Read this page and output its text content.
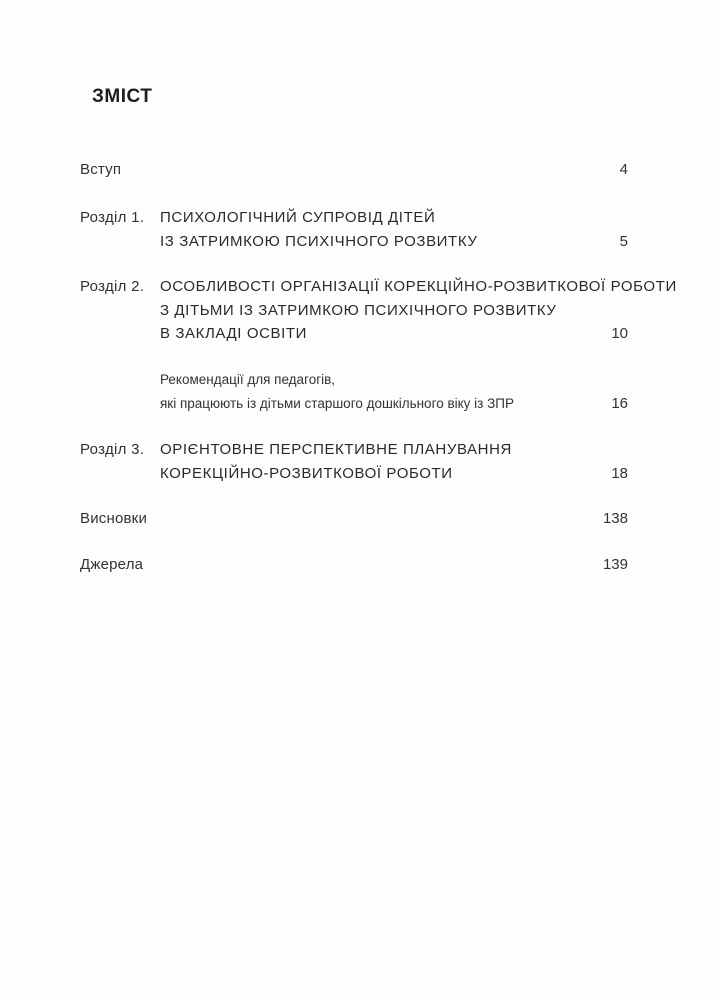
ЗМІСТ
Вступ	4
Розділ 1. ПСИХОЛОГІЧНИЙ СУПРОВІД ДІТЕЙ
ІЗ ЗАТРИМКОЮ ПСИХІЧНОГО РОЗВИТКУ	5
Розділ 2. ОСОБЛИВОСТІ ОРГАНІЗАЦІЇ КОРЕКЦІЙНО-РОЗВИТКОВОЇ РОБОТИ
З ДІТЬМИ ІЗ ЗАТРИМКОЮ ПСИХІЧНОГО РОЗВИТКУ
В ЗАКЛАДІ ОСВІТИ	10
Рекомендації для педагогів,
які працюють із дітьми старшого дошкільного віку із ЗПР	16
Розділ 3. ОРІЄНТОВНЕ ПЕРСПЕКТИВНЕ ПЛАНУВАННЯ
КОРЕКЦІЙНО-РОЗВИТКОВОЇ РОБОТИ	18
Висновки	138
Джерела	139
